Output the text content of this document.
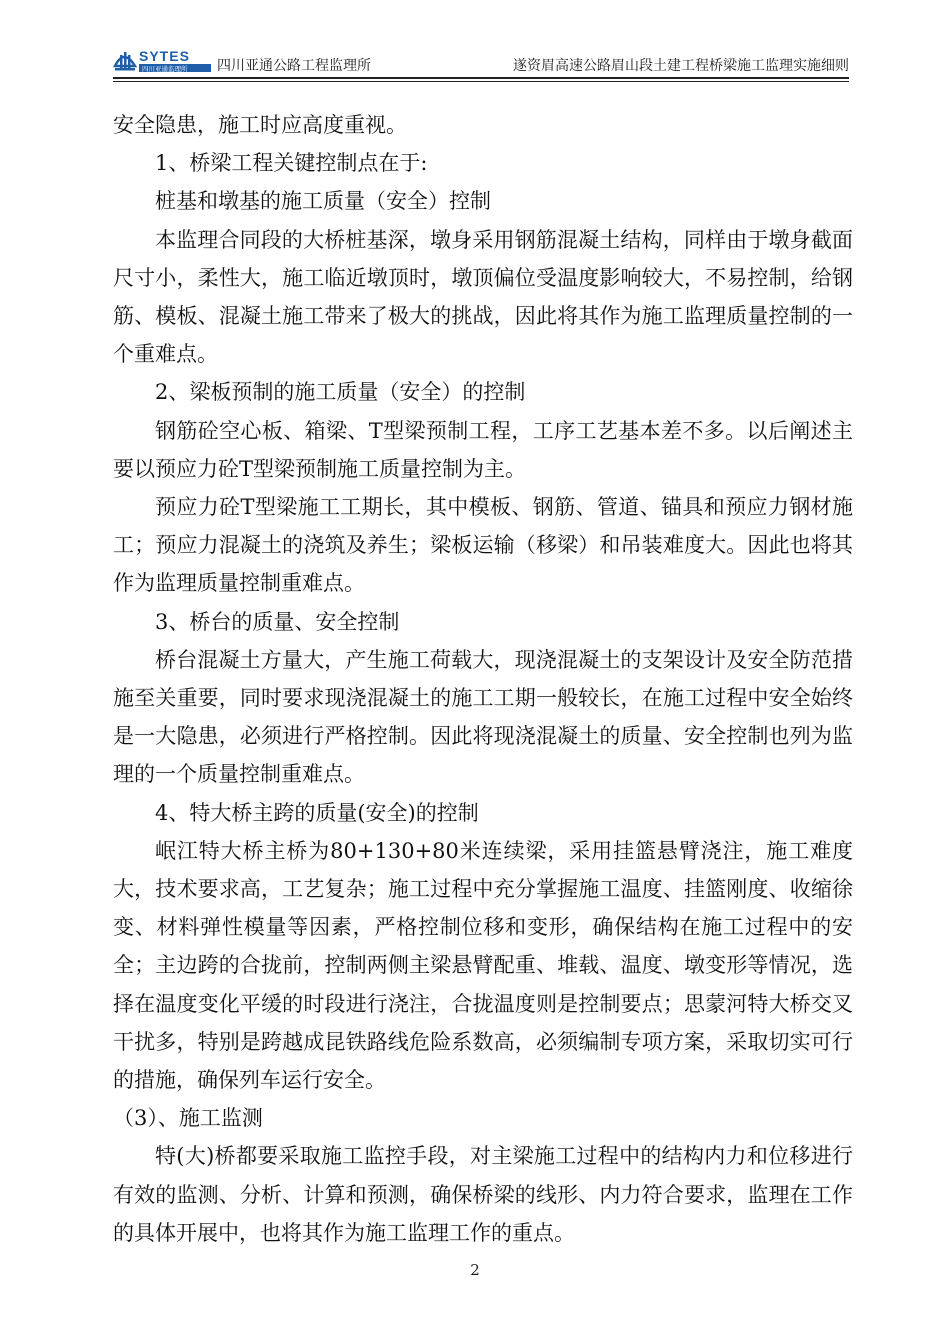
SYTES
四川亚通监理所 四川亚通公路工程监理所	遂资眉高速公路眉山段土建工程桥梁施工监理实施细则

安全隐患，施工时应高度重视。

1、桥梁工程关键控制点在于:

桩基和墩基的施工质量（安全）控制

本监理合同段的大桥桩基深，墩身采用钢筋混凝土结构，同样由于墩身截面尺寸小，柔性大，施工临近墩顶时，墩顶偏位受温度影响较大，不易控制，给钢筋、模板、混凝土施工带来了极大的挑战，因此将其作为施工监理质量控制的一个重难点。

2、梁板预制的施工质量（安全）的控制

钢筋砼空心板、箱梁、T型梁预制工程，工序工艺基本差不多。以后阐述主要以预应力砼T型梁预制施工质量控制为主。

预应力砼T型梁施工工期长，其中模板、钢筋、管道、锚具和预应力钢材施工；预应力混凝土的浇筑及养生；梁板运输（移梁）和吊装难度大。因此也将其作为监理质量控制重难点。

3、桥台的质量、安全控制

桥台混凝土方量大，产生施工荷载大，现浇混凝土的支架设计及安全防范措施至关重要，同时要求现浇混凝土的施工工期一般较长，在施工过程中安全始终是一大隐患，必须进行严格控制。因此将现浇混凝土的质量、安全控制也列为监理的一个质量控制重难点。

4、特大桥主跨的质量(安全)的控制

岷江特大桥主桥为80+130+80米连续梁，采用挂篮悬臂浇注，施工难度大，技术要求高，工艺复杂；施工过程中充分掌握施工温度、挂篮刚度、收缩徐变、材料弹性模量等因素，严格控制位移和变形，确保结构在施工过程中的安全；主边跨的合拢前，控制两侧主梁悬臂配重、堆载、温度、墩变形等情况，选择在温度变化平缓的时段进行浇注，合拢温度则是控制要点；思蒙河特大桥交叉干扰多，特别是跨越成昆铁路线危险系数高，必须编制专项方案，采取切实可行的措施，确保列车运行安全。

（3）、施工监测

特(大)桥都要采取施工监控手段，对主梁施工过程中的结构内力和位移进行有效的监测、分析、计算和预测，确保桥梁的线形、内力符合要求，监理在工作的具体开展中，也将其作为施工监理工作的重点。

2
